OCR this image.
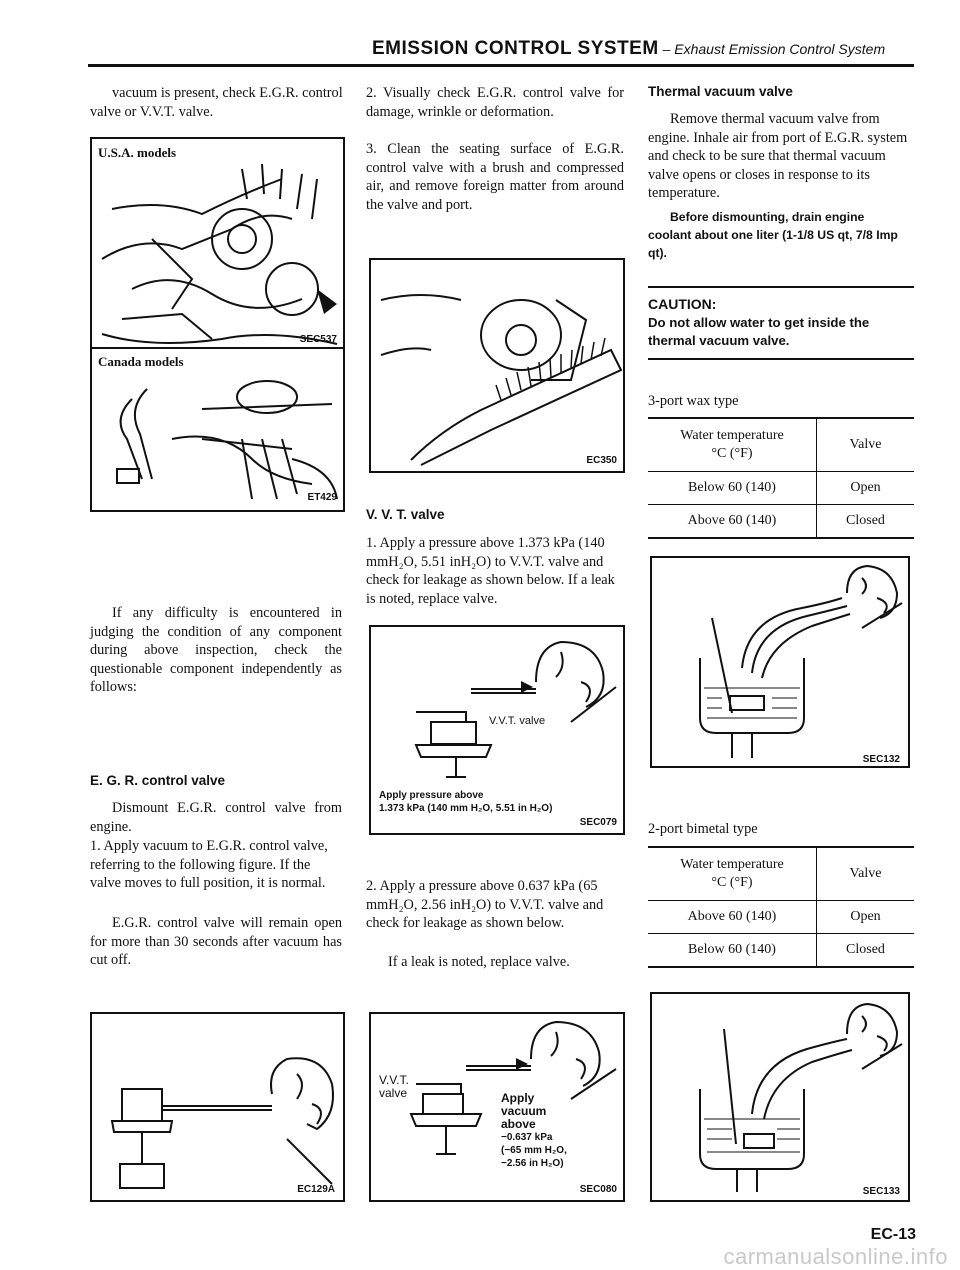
EMISSION CONTROL SYSTEM – Exhaust Emission Control System

vacuum is present, check E.G.R. control valve or V.V.T. valve.

U.S.A. models
SEC537
Canada models
ET429

If any difficulty is encountered in judging the condition of any component during above inspection, check the questionable component independently as follows:

E. G. R. control valve

Dismount E.G.R. control valve from engine.

1. Apply vacuum to E.G.R. control valve, referring to the following figure. If the valve moves to full position, it is normal.

E.G.R. control valve will remain open for more than 30 seconds after vacuum has cut off.

EC129A

2. Visually check E.G.R. control valve for damage, wrinkle or deformation.

3. Clean the seating surface of E.G.R. control valve with a brush and compressed air, and remove foreign matter from around the valve and port.

EC350
V. V. T. valve

1. Apply a pressure above 1.373 kPa (140 mmH₂O, 5.51 inH₂O) to V.V.T. valve and check for leakage as shown below. If a leak is noted, replace valve.

V.V.T. valve
Apply pressure above
1.373 kPa (140 mm H₂O, 5.51 in H₂O)
SEC079

2. Apply a pressure above 0.637 kPa (65 mmH₂O, 2.56 inH₂O) to V.V.T. valve and check for leakage as shown below.

If a leak is noted, replace valve.

V.V.T.
valve	Apply
vacuum
above
−0.637 kPa
(−65 mm H₂O,
−2.56 in H₂O)
SEC080
Thermal vacuum valve

Remove thermal vacuum valve from engine. Inhale air from port of E.G.R. system and check to be sure that thermal vacuum valve opens or closes in response to its temperature.

Before dismounting, drain engine coolant about one liter (1-1/8 US qt, 7/8 Imp qt).

CAUTION:
Do not allow water to get inside the thermal vacuum valve.
3-port wax type
Water temperature
°C (°F)	Valve
Below 60 (140)	Open
Above 60 (140)	Closed
SEC132
2-port bimetal type
Water temperature
°C (°F)	Valve
Above 60 (140)	Open
Below 60 (140)	Closed
SEC133
EC-13
carmanualsonline.info
